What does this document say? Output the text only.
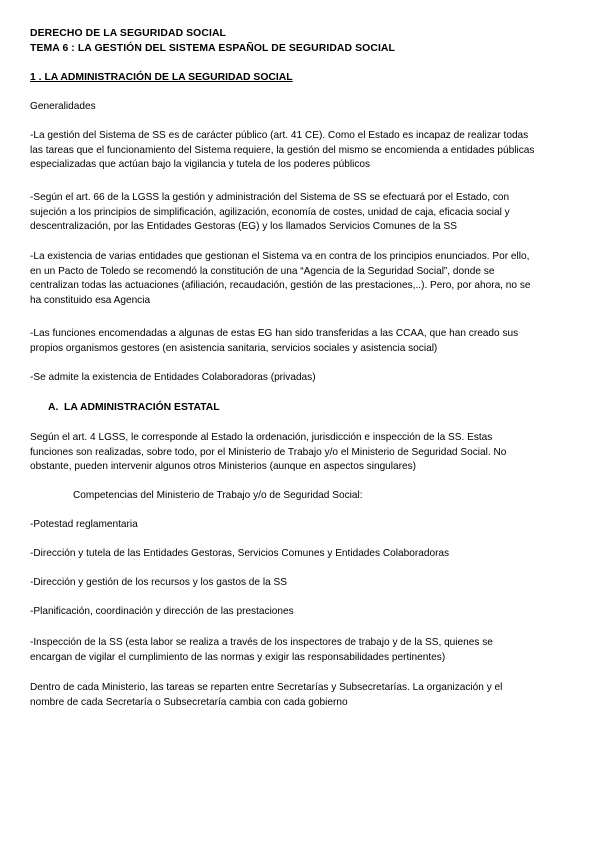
DERECHO DE LA SEGURIDAD SOCIAL
TEMA 6 : LA GESTIÓN DEL SISTEMA ESPAÑOL DE SEGURIDAD SOCIAL
1 . LA ADMINISTRACIÓN DE LA SEGURIDAD SOCIAL
Generalidades
-La gestión del Sistema de SS es de carácter público (art. 41 CE). Como el Estado es incapaz de realizar todas
las tareas que el funcionamiento del Sistema requiere, la gestión del mismo se encomienda a entidades públicas
especializadas que actúan bajo la vigilancia y tutela de los poderes públicos
-Según el art. 66 de la LGSS la gestión y administración del Sistema de SS se efectuará por el Estado, con
sujeción a los principios de simplificación, agilización, economía de costes, unidad de caja, eficacia social y
descentralización, por las Entidades Gestoras (EG) y los llamados Servicios Comunes de la SS
-La existencia de varias entidades que gestionan el Sistema va en contra de los principios enunciados. Por ello,
en un Pacto de Toledo se recomendó la constitución de una “Agencia de la Seguridad Social”, donde se
centralizan todas las actuaciones (afiliación, recaudación, gestión de las prestaciones,..). Pero, por ahora, no se
ha constituido esa Agencia
-Las funciones encomendadas a algunas de estas EG han sido transferidas a las CCAA, que han creado sus
propios organismos gestores (en asistencia sanitaria, servicios sociales y asistencia social)
-Se admite la existencia de Entidades Colaboradoras (privadas)
A. LA ADMINISTRACIÓN ESTATAL
Según el art. 4 LGSS, le corresponde al Estado la ordenación, jurisdicción e inspección de la SS. Estas
funciones son realizadas, sobre todo, por el Ministerio de Trabajo y/o el Ministerio de Seguridad Social. No
obstante, pueden intervenir algunos otros Ministerios (aunque en aspectos singulares)
Competencias del Ministerio de Trabajo y/o de Seguridad Social:
-Potestad reglamentaria
-Dirección y tutela de las Entidades Gestoras, Servicios Comunes y Entidades Colaboradoras
-Dirección y gestión de los recursos y los gastos de la SS
-Planificación, coordinación y dirección de las prestaciones
-Inspección de la SS (esta labor se realiza a través de los inspectores de trabajo y de la SS, quienes se
encargan de vigilar el cumplimiento de las normas y exigir las responsabilidades pertinentes)
Dentro de cada Ministerio, las tareas se reparten entre Secretarías y Subsecretarías. La organización y el
nombre de cada Secretaría o Subsecretaría cambia con cada gobierno
